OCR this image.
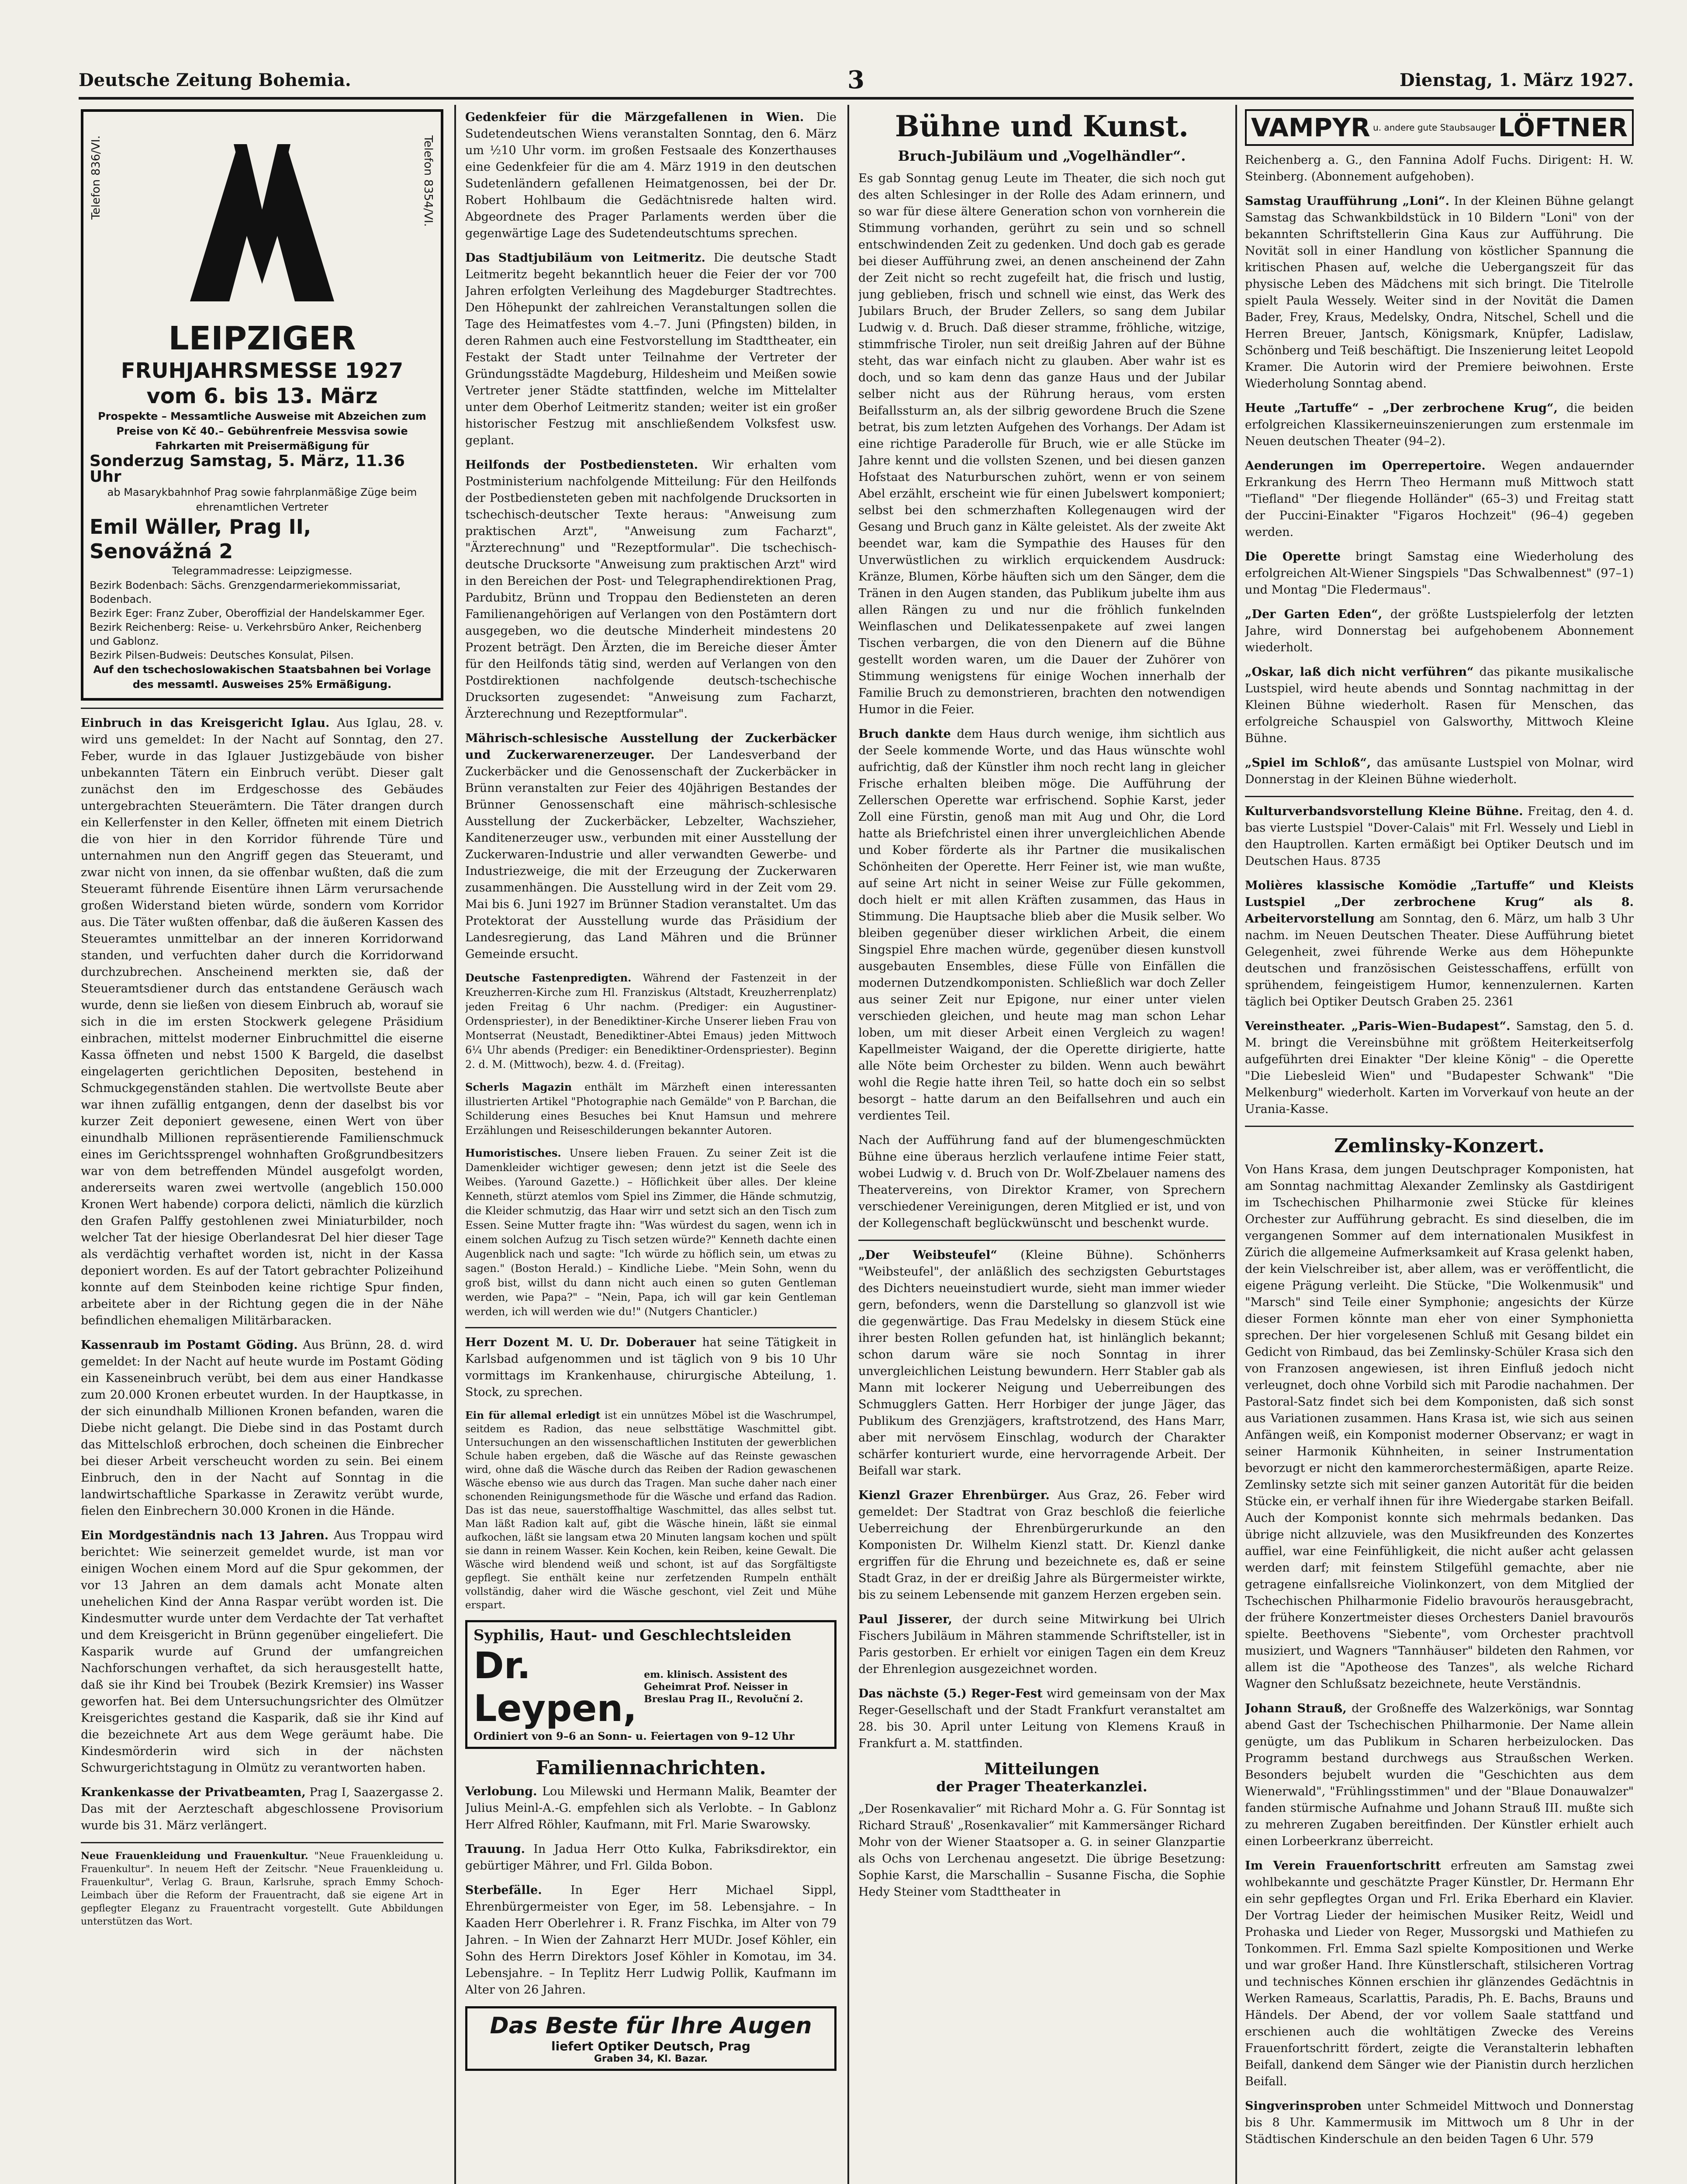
Deutsche Zeitung Bohemia.	3	Dienstag, 1. März 1927.
Telefon 836/VI.	Telefon 8354/VI.
LEIPZIGER
FRUHJAHRSMESSE 1927
vom 6. bis 13. März
Prospekte – Messamtliche Ausweise mit Abzeichen zum Preise von Kč 40.– Gebührenfreie Messvisa sowie Fahrkarten mit Preisermäßigung für
Sonderzug Samstag, 5. März, 11.36 Uhr
ab Masarykbahnhof Prag sowie fahrplanmäßige Züge beim ehrenamtlichen Vertreter
Emil Wäller, Prag II, Senovážná 2
Telegrammadresse: Leipzigmesse.
Bezirk Bodenbach: Sächs. Grenzgendarmeriekommissariat, Bodenbach.
Bezirk Eger: Franz Zuber, Oberoffizial der Handelskammer Eger.
Bezirk Reichenberg: Reise- u. Verkehrsbüro Anker, Reichenberg und Gablonz.
Bezirk Pilsen-Budweis: Deutsches Konsulat, Pilsen.
Auf den tschechoslowakischen Staatsbahnen bei Vorlage des messamtl. Ausweises 25% Ermäßigung.

Einbruch in das Kreisgericht Iglau. Aus Iglau, 28. v. wird uns gemeldet: In der Nacht auf Sonntag, den 27. Feber, wurde in das Iglauer Justizgebäude von bisher unbekannten Tätern ein Einbruch verübt. Dieser galt zunächst den im Erdgeschosse des Gebäudes untergebrachten Steuerämtern. Die Täter drangen durch ein Kellerfenster in den Keller, öffneten mit einem Dietrich die von hier in den Korridor führende Türe und unternahmen nun den Angriff gegen das Steueramt, und zwar nicht von innen, da sie offenbar wußten, daß die zum Steueramt führende Eisentüre ihnen Lärm verursachende großen Widerstand bieten würde, sondern vom Korridor aus. Die Täter wußten offenbar, daß die äußeren Kassen des Steueramtes unmittelbar an der inneren Korridorwand standen, und verfuchten daher durch die Korridorwand durchzubrechen. Anscheinend merkten sie, daß der Steueramtsdiener durch das entstandene Geräusch wach wurde, denn sie ließen von diesem Einbruch ab, worauf sie sich in die im ersten Stockwerk gelegene Präsidium einbrachen, mittelst moderner Einbruchmittel die eiserne Kassa öffneten und nebst 1500 K Bargeld, die daselbst eingelagerten gerichtlichen Depositen, bestehend in Schmuckgegenständen stahlen. Die wertvollste Beute aber war ihnen zufällig entgangen, denn der daselbst bis vor kurzer Zeit deponiert gewesene, einen Wert von über einundhalb Millionen repräsentierende Familienschmuck eines im Gerichtssprengel wohnhaften Großgrundbesitzers war von dem betreffenden Mündel ausgefolgt worden, andererseits waren zwei wertvolle (angeblich 150.000 Kronen Wert habende) corpora delicti, nämlich die kürzlich den Grafen Palffy gestohlenen zwei Miniaturbilder, noch welcher Tat der hiesige Oberlandesrat Del hier dieser Tage als verdächtig verhaftet worden ist, nicht in der Kassa deponiert worden. Es auf der Tatort gebrachter Polizeihund konnte auf dem Steinboden keine richtige Spur finden, arbeitete aber in der Richtung gegen die in der Nähe befindlichen ehemaligen Militärbaracken.

Kassenraub im Postamt Göding. Aus Brünn, 28. d. wird gemeldet: In der Nacht auf heute wurde im Postamt Göding ein Kasseneinbruch verübt, bei dem aus einer Handkasse zum 20.000 Kronen erbeutet wurden. In der Hauptkasse, in der sich einundhalb Millionen Kronen befanden, waren die Diebe nicht gelangt. Die Diebe sind in das Postamt durch das Mittelschloß erbrochen, doch scheinen die Einbrecher bei dieser Arbeit verscheucht worden zu sein. Bei einem Einbruch, den in der Nacht auf Sonntag in die landwirtschaftliche Sparkasse in Zerawitz verübt wurde, fielen den Einbrechern 30.000 Kronen in die Hände.

Ein Mordgeständnis nach 13 Jahren. Aus Troppau wird berichtet: Wie seinerzeit gemeldet wurde, ist man vor einigen Wochen einem Mord auf die Spur gekommen, der vor 13 Jahren an dem damals acht Monate alten unehelichen Kind der Anna Raspar verübt worden ist. Die Kindesmutter wurde unter dem Verdachte der Tat verhaftet und dem Kreisgericht in Brünn gegenüber eingeliefert. Die Kasparik wurde auf Grund der umfangreichen Nachforschungen verhaftet, da sich herausgestellt hatte, daß sie ihr Kind bei Troubek (Bezirk Kremsier) ins Wasser geworfen hat. Bei dem Untersuchungsrichter des Olmützer Kreisgerichtes gestand die Kasparik, daß sie ihr Kind auf die bezeichnete Art aus dem Wege geräumt habe. Die Kindesmörderin wird sich in der nächsten Schwurgerichtstagung in Olmütz zu verantworten haben.

Krankenkasse der Privatbeamten, Prag I, Saazergasse 2. Das mit der Aerzteschaft abgeschlossene Provisorium wurde bis 31. März verlängert.

Neue Frauenkleidung und Frauenkultur. "Neue Frauenkleidung u. Frauenkultur". In neuem Heft der Zeitschr. "Neue Frauenkleidung u. Frauenkultur", Verlag G. Braun, Karlsruhe, sprach Emmy Schoch-Leimbach über die Reform der Frauentracht, daß sie eigene Art in gepflegter Eleganz zu Frauentracht vorgestellt. Gute Abbildungen unterstützen das Wort.

Gedenkfeier für die Märzgefallenen in Wien. Die Sudetendeutschen Wiens veranstalten Sonntag, den 6. März um ½10 Uhr vorm. im großen Festsaale des Konzerthauses eine Gedenkfeier für die am 4. März 1919 in den deutschen Sudetenländern gefallenen Heimatgenossen, bei der Dr. Robert Hohlbaum die Gedächtnisrede halten wird. Abgeordnete des Prager Parlaments werden über die gegenwärtige Lage des Sudetendeutschtums sprechen.

Das Stadtjubiläum von Leitmeritz. Die deutsche Stadt Leitmeritz begeht bekanntlich heuer die Feier der vor 700 Jahren erfolgten Verleihung des Magdeburger Stadtrechtes. Den Höhepunkt der zahlreichen Veranstaltungen sollen die Tage des Heimatfestes vom 4.–7. Juni (Pfingsten) bilden, in deren Rahmen auch eine Festvorstellung im Stadttheater, ein Festakt der Stadt unter Teilnahme der Vertreter der Gründungsstädte Magdeburg, Hildesheim und Meißen sowie Vertreter jener Städte stattfinden, welche im Mittelalter unter dem Oberhof Leitmeritz standen; weiter ist ein großer historischer Festzug mit anschließendem Volksfest usw. geplant.

Heilfonds der Postbediensteten. Wir erhalten vom Postministerium nachfolgende Mitteilung: Für den Heilfonds der Postbediensteten geben mit nachfolgende Drucksorten in tschechisch-deutscher Texte heraus: "Anweisung zum praktischen Arzt", "Anweisung zum Facharzt", "Ärzterechnung" und "Rezeptformular". Die tschechisch-deutsche Drucksorte "Anweisung zum praktischen Arzt" wird in den Bereichen der Post- und Telegraphendirektionen Prag, Pardubitz, Brünn und Troppau den Bediensteten an deren Familienangehörigen auf Verlangen von den Postämtern dort ausgegeben, wo die deutsche Minderheit mindestens 20 Prozent beträgt. Den Ärzten, die im Bereiche dieser Ämter für den Heilfonds tätig sind, werden auf Verlangen von den Postdirektionen nachfolgende deutsch-tschechische Drucksorten zugesendet: "Anweisung zum Facharzt, Ärzterechnung und Rezeptformular".

Mährisch-schlesische Ausstellung der Zuckerbäcker und Zuckerwarenerzeuger. Der Landesverband der Zuckerbäcker und die Genossenschaft der Zuckerbäcker in Brünn veranstalten zur Feier des 40jährigen Bestandes der Brünner Genossenschaft eine mährisch-schlesische Ausstellung der Zuckerbäcker, Lebzelter, Wachszieher, Kanditenerzeuger usw., verbunden mit einer Ausstellung der Zuckerwaren-Industrie und aller verwandten Gewerbe- und Industriezweige, die mit der Erzeugung der Zuckerwaren zusammenhängen. Die Ausstellung wird in der Zeit vom 29. Mai bis 6. Juni 1927 im Brünner Stadion veranstaltet. Um das Protektorat der Ausstellung wurde das Präsidium der Landesregierung, das Land Mähren und die Brünner Gemeinde ersucht.

Deutsche Fastenpredigten. Während der Fastenzeit in der Kreuzherren-Kirche zum Hl. Franziskus (Altstadt, Kreuzherrenplatz) jeden Freitag 6 Uhr nachm. (Prediger: ein Augustiner-Ordenspriester), in der Benediktiner-Kirche Unserer lieben Frau von Montserrat (Neustadt, Benediktiner-Abtei Emaus) jeden Mittwoch 6¼ Uhr abends (Prediger: ein Benediktiner-Ordenspriester). Beginn 2. d. M. (Mittwoch), bezw. 4. d. (Freitag).

Scherls Magazin enthält im Märzheft einen interessanten illustrierten Artikel "Photographie nach Gemälde" von P. Barchan, die Schilderung eines Besuches bei Knut Hamsun und mehrere Erzählungen und Reiseschilderungen bekannter Autoren.

Humoristisches. Unsere lieben Frauen. Zu seiner Zeit ist die Damenkleider wichtiger gewesen; denn jetzt ist die Seele des Weibes. (Yaround Gazette.) – Höflichkeit über alles. Der kleine Kenneth, stürzt atemlos vom Spiel ins Zimmer, die Hände schmutzig, die Kleider schmutzig, das Haar wirr und setzt sich an den Tisch zum Essen. Seine Mutter fragte ihn: "Was würdest du sagen, wenn ich in einem solchen Aufzug zu Tisch setzen würde?" Kenneth dachte einen Augenblick nach und sagte: "Ich würde zu höflich sein, um etwas zu sagen." (Boston Herald.) – Kindliche Liebe. "Mein Sohn, wenn du groß bist, willst du dann nicht auch einen so guten Gentleman werden, wie Papa?" – "Nein, Papa, ich will gar kein Gentleman werden, ich will werden wie du!" (Nutgers Chanticler.)

Herr Dozent M. U. Dr. Doberauer hat seine Tätigkeit in Karlsbad aufgenommen und ist täglich von 9 bis 10 Uhr vormittags im Krankenhause, chirurgische Abteilung, 1. Stock, zu sprechen.

Ein für allemal erledigt ist ein unnützes Möbel ist die Waschrumpel, seitdem es Radion, das neue selbsttätige Waschmittel gibt. Untersuchungen an den wissenschaftlichen Instituten der gewerblichen Schule haben ergeben, daß die Wäsche auf das Reinste gewaschen wird, ohne daß die Wäsche durch das Reiben der Radion gewaschenen Wäsche ebenso wie aus durch das Tragen. Man suche daher nach einer schonenden Reinigungsmethode für die Wäsche und erfand das Radion. Das ist das neue, sauerstoffhaltige Waschmittel, das alles selbst tut. Man läßt Radion kalt auf, gibt die Wäsche hinein, läßt sie einmal aufkochen, läßt sie langsam etwa 20 Minuten langsam kochen und spült sie dann in reinem Wasser. Kein Kochen, kein Reiben, keine Gewalt. Die Wäsche wird blendend weiß und schont, ist auf das Sorgfältigste gepflegt. Sie enthält keine nur zerfetzenden Rumpeln enthält vollständig, daher wird die Wäsche geschont, viel Zeit und Mühe erspart.

Syphilis, Haut- und Geschlechtsleiden
Dr. Leypen,
em. klinisch. Assistent des Geheimrat Prof. Neisser in Breslau Prag II., Revoluční 2.
Ordiniert von 9–6 an Sonn- u. Feiertagen von 9–12 Uhr
Familiennachrichten.

Verlobung. Lou Milewski und Hermann Malik, Beamter der Julius Meinl-A.-G. empfehlen sich als Verlobte. – In Gablonz Herr Alfred Röhler, Kaufmann, mit Frl. Marie Swarowsky.

Trauung. In Jadua Herr Otto Kulka, Fabriksdirektor, ein gebürtiger Mährer, und Frl. Gilda Bobon.

Sterbefälle. In Eger Herr Michael Sippl, Ehrenbürgermeister von Eger, im 58. Lebensjahre. – In Kaaden Herr Oberlehrer i. R. Franz Fischka, im Alter von 79 Jahren. – In Wien der Zahnarzt Herr MUDr. Josef Köhler, ein Sohn des Herrn Direktors Josef Köhler in Komotau, im 34. Lebensjahre. – In Teplitz Herr Ludwig Pollik, Kaufmann im Alter von 26 Jahren.

Das Beste für Ihre Augen
liefert Optiker Deutsch, Prag
Graben 34, Kl. Bazar.
Bühne und Kunst.
Bruch-Jubiläum und „Vogelhändler“.

Es gab Sonntag genug Leute im Theater, die sich noch gut des alten Schlesinger in der Rolle des Adam erinnern, und so war für diese ältere Generation schon von vornherein die Stimmung vorhanden, gerührt zu sein und so schnell entschwindenden Zeit zu gedenken. Und doch gab es gerade bei dieser Aufführung zwei, an denen anscheinend der Zahn der Zeit nicht so recht zugefeilt hat, die frisch und lustig, jung geblieben, frisch und schnell wie einst, das Werk des Jubilars Bruch, der Bruder Zellers, so sang dem Jubilar Ludwig v. d. Bruch. Daß dieser stramme, fröhliche, witzige, stimmfrische Tiroler, nun seit dreißig Jahren auf der Bühne steht, das war einfach nicht zu glauben. Aber wahr ist es doch, und so kam denn das ganze Haus und der Jubilar selber nicht aus der Rührung heraus, vom ersten Beifallssturm an, als der silbrig gewordene Bruch die Szene betrat, bis zum letzten Aufgehen des Vorhangs. Der Adam ist eine richtige Paraderolle für Bruch, wie er alle Stücke im Jahre kennt und die vollsten Szenen, und bei diesen ganzen Hofstaat des Naturburschen zuhört, wenn er von seinem Abel erzählt, erscheint wie für einen Jubelswert komponiert; selbst bei den schmerzhaften Kollegenaugen wird der Gesang und Bruch ganz in Kälte geleistet. Als der zweite Akt beendet war, kam die Sympathie des Hauses für den Unverwüstlichen zu wirklich erquickendem Ausdruck: Kränze, Blumen, Körbe häuften sich um den Sänger, dem die Tränen in den Augen standen, das Publikum jubelte ihm aus allen Rängen zu und nur die fröhlich funkelnden Weinflaschen und Delikatessenpakete auf zwei langen Tischen verbargen, die von den Dienern auf die Bühne gestellt worden waren, um die Dauer der Zuhörer von Stimmung wenigstens für einige Wochen innerhalb der Familie Bruch zu demonstrieren, brachten den notwendigen Humor in die Feier.

Bruch dankte dem Haus durch wenige, ihm sichtlich aus der Seele kommende Worte, und das Haus wünschte wohl aufrichtig, daß der Künstler ihm noch recht lang in gleicher Frische erhalten bleiben möge. Die Aufführung der Zellerschen Operette war erfrischend. Sophie Karst, jeder Zoll eine Fürstin, genoß man mit Aug und Ohr, die Lord hatte als Briefchristel einen ihrer unvergleichlichen Abende und Kober förderte als ihr Partner die musikalischen Schönheiten der Operette. Herr Feiner ist, wie man wußte, auf seine Art nicht in seiner Weise zur Fülle gekommen, doch hielt er mit allen Kräften zusammen, das Haus in Stimmung. Die Hauptsache blieb aber die Musik selber. Wo bleiben gegenüber dieser wirklichen Arbeit, die einem Singspiel Ehre machen würde, gegenüber diesen kunstvoll ausgebauten Ensembles, diese Fülle von Einfällen die modernen Dutzendkomponisten. Schließlich war doch Zeller aus seiner Zeit nur Epigone, nur einer unter vielen verschieden gleichen, und heute mag man schon Lehar loben, um mit dieser Arbeit einen Vergleich zu wagen! Kapellmeister Waigand, der die Operette dirigierte, hatte alle Nöte beim Orchester zu bilden. Wenn auch bewährt wohl die Regie hatte ihren Teil, so hatte doch ein so selbst besorgt – hatte darum an den Beifallsehren und auch ein verdientes Teil.

Nach der Aufführung fand auf der blumengeschmückten Bühne eine überaus herzlich verlaufene intime Feier statt, wobei Ludwig v. d. Bruch von Dr. Wolf-Zbelauer namens des Theatervereins, von Direktor Kramer, von Sprechern verschiedener Vereinigungen, deren Mitglied er ist, und von der Kollegenschaft beglückwünscht und beschenkt wurde.

„Der Weibsteufel“ (Kleine Bühne). Schönherrs "Weibsteufel", der anläßlich des sechzigsten Geburtstages des Dichters neueinstudiert wurde, sieht man immer wieder gern, befonders, wenn die Darstellung so glanzvoll ist wie die gegenwärtige. Das Frau Medelsky in diesem Stück eine ihrer besten Rollen gefunden hat, ist hinlänglich bekannt; schon darum wäre sie noch Sonntag in ihrer unvergleichlichen Leistung bewundern. Herr Stabler gab als Mann mit lockerer Neigung und Ueberreibungen des Schmugglers Gatten. Herr Horbiger der junge Jäger, das Publikum des Grenzjägers, kraftstrotzend, des Hans Marr, aber mit nervösem Einschlag, wodurch der Charakter schärfer konturiert wurde, eine hervorragende Arbeit. Der Beifall war stark.

Kienzl Grazer Ehrenbürger. Aus Graz, 26. Feber wird gemeldet: Der Stadtrat von Graz beschloß die feierliche Ueberreichung der Ehrenbürgerurkunde an den Komponisten Dr. Wilhelm Kienzl statt. Dr. Kienzl danke ergriffen für die Ehrung und bezeichnete es, daß er seine Stadt Graz, in der er dreißig Jahre als Bürgermeister wirkte, bis zu seinem Lebensende mit ganzem Herzen ergeben sein.

Paul Jisserer, der durch seine Mitwirkung bei Ulrich Fischers Jubiläum in Mähren stammende Schriftsteller, ist in Paris gestorben. Er erhielt vor einigen Tagen ein dem Kreuz der Ehrenlegion ausgezeichnet worden.

Das nächste (5.) Reger-Fest wird gemeinsam von der Max Reger-Gesellschaft und der Stadt Frankfurt veranstaltet am 28. bis 30. April unter Leitung von Klemens Krauß in Frankfurt a. M. stattfinden.

Mitteilungen
der Prager Theaterkanzlei.

„Der Rosenkavalier“ mit Richard Mohr a. G. Für Sonntag ist Richard Strauß' „Rosenkavalier“ mit Kammersänger Richard Mohr von der Wiener Staatsoper a. G. in seiner Glanzpartie als Ochs von Lerchenau angesetzt. Die übrige Besetzung: Sophie Karst, die Marschallin – Susanne Fischa, die Sophie Hedy Steiner vom Stadttheater in

VAMPYR u. andere gute Staubsauger LÖFTNER

Reichenberg a. G., den Fannina Adolf Fuchs. Dirigent: H. W. Steinberg. (Abonnement aufgehoben).

Samstag Uraufführung „Loni“. In der Kleinen Bühne gelangt Samstag das Schwankbildstück in 10 Bildern "Loni" von der bekannten Schriftstellerin Gina Kaus zur Aufführung. Die Novität soll in einer Handlung von köstlicher Spannung die kritischen Phasen auf, welche die Uebergangszeit für das physische Leben des Mädchens mit sich bringt. Die Titelrolle spielt Paula Wessely. Weiter sind in der Novität die Damen Bader, Frey, Kraus, Medelsky, Ondra, Nitschel, Schell und die Herren Breuer, Jantsch, Königsmark, Knüpfer, Ladislaw, Schönberg und Teiß beschäftigt. Die Inszenierung leitet Leopold Kramer. Die Autorin wird der Premiere beiwohnen. Erste Wiederholung Sonntag abend.

Heute „Tartuffe“ – „Der zerbrochene Krug“, die beiden erfolgreichen Klassikerneuinszenierungen zum erstenmale im Neuen deutschen Theater (94–2).

Aenderungen im Operrepertoire. Wegen andauernder Erkrankung des Herrn Theo Hermann muß Mittwoch statt "Tiefland" "Der fliegende Holländer" (65–3) und Freitag statt der Puccini-Einakter "Figaros Hochzeit" (96–4) gegeben werden.

Die Operette bringt Samstag eine Wiederholung des erfolgreichen Alt-Wiener Singspiels "Das Schwalbennest" (97–1) und Montag "Die Fledermaus".

„Der Garten Eden“, der größte Lustspielerfolg der letzten Jahre, wird Donnerstag bei aufgehobenem Abonnement wiederholt.

„Oskar, laß dich nicht verführen“ das pikante musikalische Lustspiel, wird heute abends und Sonntag nachmittag in der Kleinen Bühne wiederholt. Rasen für Menschen, das erfolgreiche Schauspiel von Galsworthy, Mittwoch Kleine Bühne.

„Spiel im Schloß“, das amüsante Lustspiel von Molnar, wird Donnerstag in der Kleinen Bühne wiederholt.

Kulturverbandsvorstellung Kleine Bühne. Freitag, den 4. d. bas vierte Lustspiel "Dover-Calais" mit Frl. Wessely und Liebl in den Hauptrollen. Karten ermäßigt bei Optiker Deutsch und im Deutschen Haus. 8735

Molières klassische Komödie „Tartuffe“ und Kleists Lustspiel „Der zerbrochene Krug“ als 8. Arbeitervorstellung am Sonntag, den 6. März, um halb 3 Uhr nachm. im Neuen Deutschen Theater. Diese Aufführung bietet Gelegenheit, zwei führende Werke aus dem Höhepunkte deutschen und französischen Geistesschaffens, erfüllt von sprühendem, feingeistigem Humor, kennenzulernen. Karten täglich bei Optiker Deutsch Graben 25. 2361

Vereinstheater. „Paris–Wien–Budapest“. Samstag, den 5. d. M. bringt die Vereinsbühne mit größtem Heiterkeitserfolg aufgeführten drei Einakter "Der kleine König" – die Operette "Die Liebesleid Wien" und "Budapester Schwank" "Die Melkenburg" wiederholt. Karten im Vorverkauf von heute an der Urania-Kasse.

Zemlinsky-Konzert.

Von Hans Krasa, dem jungen Deutschprager Komponisten, hat am Sonntag nachmittag Alexander Zemlinsky als Gastdirigent im Tschechischen Philharmonie zwei Stücke für kleines Orchester zur Aufführung gebracht. Es sind dieselben, die im vergangenen Sommer auf dem internationalen Musikfest in Zürich die allgemeine Aufmerksamkeit auf Krasa gelenkt haben, der kein Vielschreiber ist, aber allem, was er veröffentlicht, die eigene Prägung verleiht. Die Stücke, "Die Wolkenmusik" und "Marsch" sind Teile einer Symphonie; angesichts der Kürze dieser Formen könnte man eher von einer Symphonietta sprechen. Der hier vorgelesenen Schluß mit Gesang bildet ein Gedicht von Rimbaud, das bei Zemlinsky-Schüler Krasa sich den von Franzosen angewiesen, ist ihren Einfluß jedoch nicht verleugnet, doch ohne Vorbild sich mit Parodie nachahmen. Der Pastoral-Satz findet sich bei dem Komponisten, daß sich sonst aus Variationen zusammen. Hans Krasa ist, wie sich aus seinen Anfängen weiß, ein Komponist moderner Observanz; er wagt in seiner Harmonik Kühnheiten, in seiner Instrumentation bevorzugt er nicht den kammerorchestermäßigen, aparte Reize. Zemlinsky setzte sich mit seiner ganzen Autorität für die beiden Stücke ein, er verhalf ihnen für ihre Wiedergabe starken Beifall. Auch der Komponist konnte sich mehrmals bedanken. Das übrige nicht allzuviele, was den Musikfreunden des Konzertes auffiel, war eine Feinfühligkeit, die nicht außer acht gelassen werden darf; mit feinstem Stilgefühl gemachte, aber nie getragene einfallsreiche Violinkonzert, von dem Mitglied der Tschechischen Philharmonie Fidelio bravourös herausgebracht, der frühere Konzertmeister dieses Orchesters Daniel bravourös spielte. Beethovens "Siebente", vom Orchester prachtvoll musiziert, und Wagners "Tannhäuser" bildeten den Rahmen, vor allem ist die "Apotheose des Tanzes", als welche Richard Wagner den Schlußsatz bezeichnete, heute Verständnis.

Johann Strauß, der Großneffe des Walzerkönigs, war Sonntag abend Gast der Tschechischen Philharmonie. Der Name allein genügte, um das Publikum in Scharen herbeizulocken. Das Programm bestand durchwegs aus Straußschen Werken. Besonders bejubelt wurden die "Geschichten aus dem Wienerwald", "Frühlingsstimmen" und der "Blaue Donauwalzer" fanden stürmische Aufnahme und Johann Strauß III. mußte sich zu mehreren Zugaben bereitfinden. Der Künstler erhielt auch einen Lorbeerkranz überreicht.

Im Verein Frauenfortschritt erfreuten am Samstag zwei wohlbekannte und geschätzte Prager Künstler, Dr. Hermann Ehr ein sehr gepflegtes Organ und Frl. Erika Eberhard ein Klavier. Der Vortrag Lieder der heimischen Musiker Reitz, Weidl und Prohaska und Lieder von Reger, Mussorgski und Mathiefen zu Tonkommen. Frl. Emma Sazl spielte Kompositionen und Werke und war großer Hand. Ihre Künstlerschaft, stilsicheren Vortrag und technisches Können erschien ihr glänzendes Gedächtnis in Werken Rameaus, Scarlattis, Paradis, Ph. E. Bachs, Brauns und Händels. Der Abend, der vor vollem Saale stattfand und erschienen auch die wohltätigen Zwecke des Vereins Frauenfortschritt fördert, zeigte die Veranstalterin lebhaften Beifall, dankend dem Sänger wie der Pianistin durch herzlichen Beifall.

Singverinsproben unter Schmeidel Mittwoch und Donnerstag bis 8 Uhr. Kammermusik im Mittwoch um 8 Uhr in der Städtischen Kinderschule an den beiden Tagen 6 Uhr. 579
